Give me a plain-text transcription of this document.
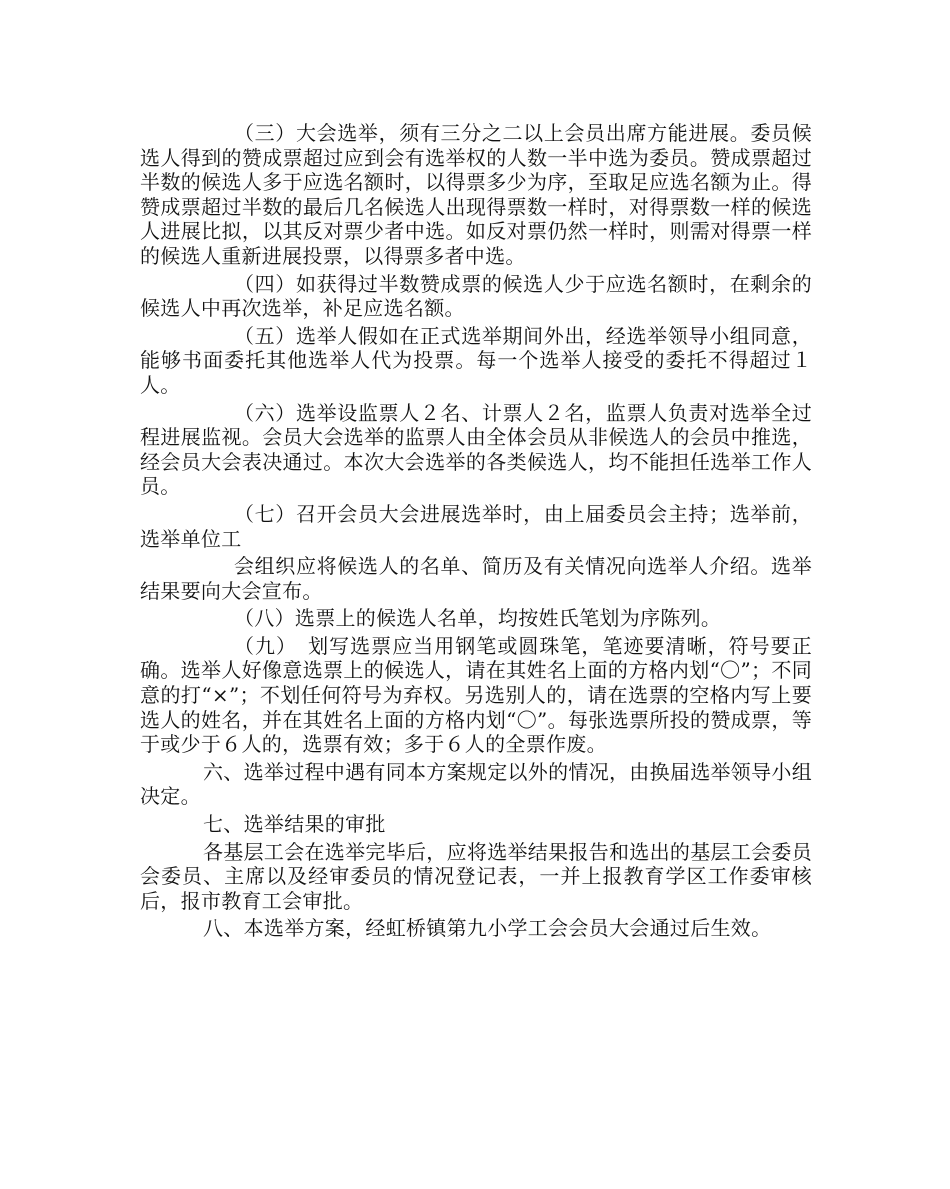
（三）大会选举，须有三分之二以上会员出席方能进展。委员候选人得到的赞成票超过应到会有选举权的人数一半中选为委员。赞成票超过半数的候选人多于应选名额时，以得票多少为序，至取足应选名额为止。得赞成票超过半数的最后几名候选人出现得票数一样时，对得票数一样的候选人进展比拟，以其反对票少者中选。如反对票仍然一样时，则需对得票一样的候选人重新进展投票，以得票多者中选。

（四）如获得过半数赞成票的候选人少于应选名额时，在剩余的候选人中再次选举，补足应选名额。

（五）选举人假如在正式选举期间外出，经选举领导小组同意，能够书面委托其他选举人代为投票。每一个选举人接受的委托不得超过１人。

（六）选举设监票人２名、计票人２名，监票人负责对选举全过程进展监视。会员大会选举的监票人由全体会员从非候选人的会员中推选，经会员大会表决通过。本次大会选举的各类候选人，均不能担任选举工作人员。

（七）召开会员大会进展选举时，由上届委员会主持；选举前，选举单位工

会组织应将候选人的名单、简历及有关情况向选举人介绍。选举结果要向大会宣布。

（八）选票上的候选人名单，均按姓氏笔划为序陈列。

（九）　划写选票应当用钢笔或圆珠笔，笔迹要清晰，符号要正确。选举人好像意选票上的候选人，请在其姓名上面的方格内划“〇”；不同意的打“×”；不划任何符号为弃权。另选别人的，请在选票的空格内写上要选人的姓名，并在其姓名上面的方格内划“〇”。每张选票所投的赞成票，等于或少于６人的，选票有效；多于６人的全票作废。

六、选举过程中遇有同本方案规定以外的情况，由换届选举领导小组决定。

七、选举结果的审批

各基层工会在选举完毕后，应将选举结果报告和选出的基层工会委员会委员、主席以及经审委员的情况登记表，一并上报教育学区工作委审核后，报市教育工会审批。

八、本选举方案，经虹桥镇第九小学工会会员大会通过后生效。
